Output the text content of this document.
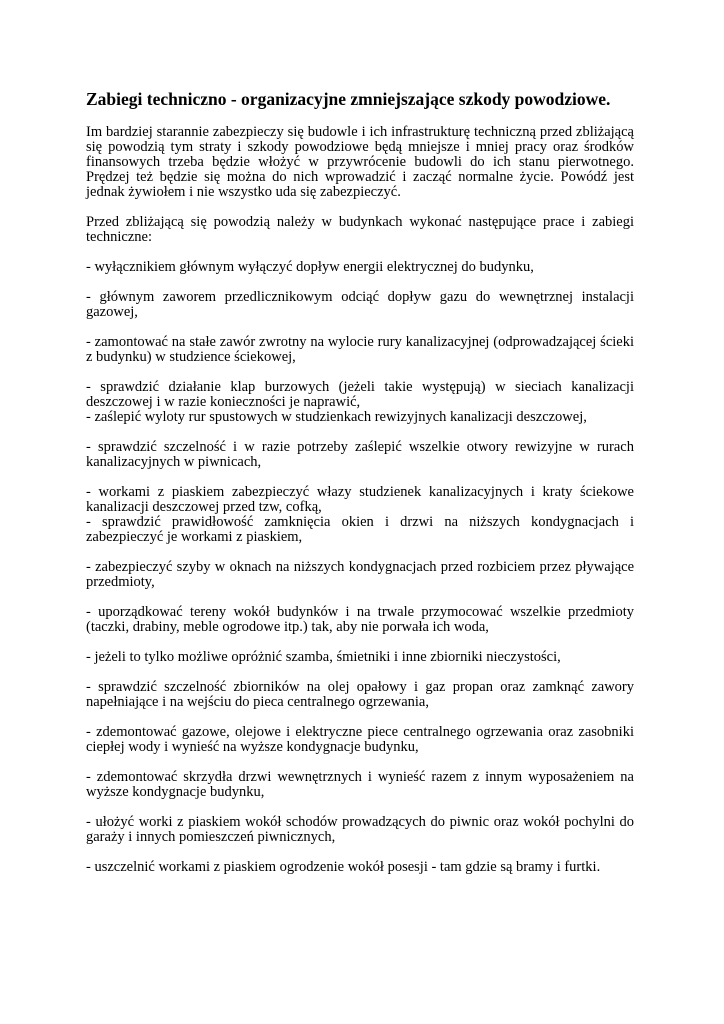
Zabiegi techniczno - organizacyjne zmniejszające szkody powodziowe.
Im bardziej starannie zabezpieczy się budowle i ich infrastrukturę techniczną przed zbliżającą się powodzią tym straty i szkody powodziowe będą mniejsze i mniej pracy oraz środków finansowych trzeba będzie włożyć w przywrócenie budowli do ich stanu pierwotnego. Prędzej też będzie się można do nich wprowadzić i zacząć normalne życie. Powódź jest jednak żywiołem i nie wszystko uda się zabezpieczyć.
Przed zbliżającą się powodzią należy w budynkach wykonać następujące prace i zabiegi techniczne:
- wyłącznikiem głównym wyłączyć dopływ energii elektrycznej do budynku,
- głównym zaworem przedlicznikowym odciąć dopływ gazu do wewnętrznej instalacji gazowej,
- zamontować na stałe zawór zwrotny na wylocie rury kanalizacyjnej (odprowadzającej ścieki z budynku) w studzience ściekowej,
- sprawdzić działanie klap burzowych (jeżeli takie występują) w sieciach kanalizacji deszczowej i w razie konieczności je naprawić,
- zaślepić wyloty rur spustowych w studzienkach rewizyjnych kanalizacji deszczowej,
- sprawdzić szczelność i w razie potrzeby zaślepić wszelkie otwory rewizyjne w rurach kanalizacyjnych w piwnicach,
- workami z piaskiem zabezpieczyć włazy studzienek kanalizacyjnych i kraty ściekowe kanalizacji deszczowej przed tzw, cofką,
- sprawdzić prawidłowość zamknięcia okien i drzwi na niższych kondygnacjach i zabezpieczyć je workami z piaskiem,
- zabezpieczyć szyby w oknach na niższych kondygnacjach przed rozbiciem przez pływające przedmioty,
- uporządkować tereny wokół budynków i na trwale przymocować wszelkie przedmioty (taczki, drabiny, meble ogrodowe itp.) tak, aby nie porwała ich woda,
- jeżeli to tylko możliwe opróżnić szamba, śmietniki i inne zbiorniki nieczystości,
- sprawdzić szczelność zbiorników na olej opałowy i gaz propan oraz zamknąć zawory napełniające i na wejściu do pieca centralnego ogrzewania,
- zdemontować gazowe, olejowe i elektryczne piece centralnego ogrzewania oraz zasobniki ciepłej wody i wynieść na wyższe kondygnacje budynku,
- zdemontować skrzydła drzwi wewnętrznych i wynieść razem z innym wyposażeniem na wyższe kondygnacje budynku,
- ułożyć worki z piaskiem wokół schodów prowadzących do piwnic oraz wokół pochylni do garaży i innych pomieszczeń piwnicznych,
- uszczelnić workami z piaskiem ogrodzenie wokół posesji - tam gdzie są bramy i furtki.
